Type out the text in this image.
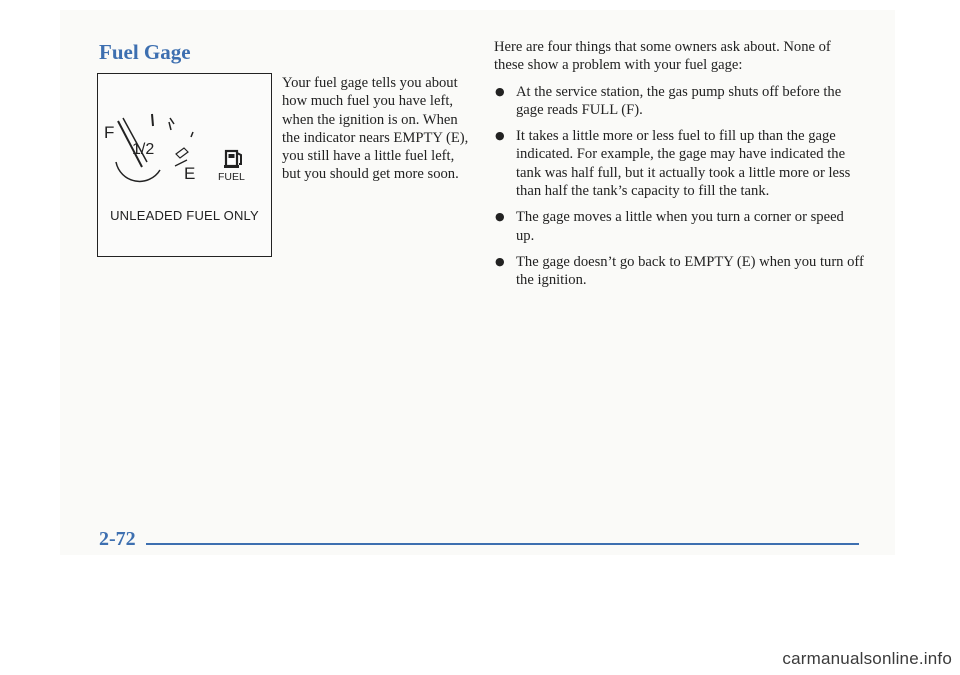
Fuel Gage
F
1/2
E FUEL
UNLEADED FUEL ONLY
Your fuel gage tells you about how much fuel you have left, when the ignition is on. When the indicator nears EMPTY (E), you still have a little fuel left, but you should get more soon.

Here are four things that some owners ask about. None of these show a problem with your fuel gage:

● At the service station, the gas pump shuts off before the gage reads FULL (F).
● It takes a little more or less fuel to fill up than the gage indicated. For example, the gage may have indicated the tank was half full, but it actually took a little more or less than half the tank’s capacity to fill the tank.
● The gage moves a little when you turn a corner or speed up.
● The gage doesn’t go back to EMPTY (E) when you turn off the ignition.
2-72
carmanualsonline.info
